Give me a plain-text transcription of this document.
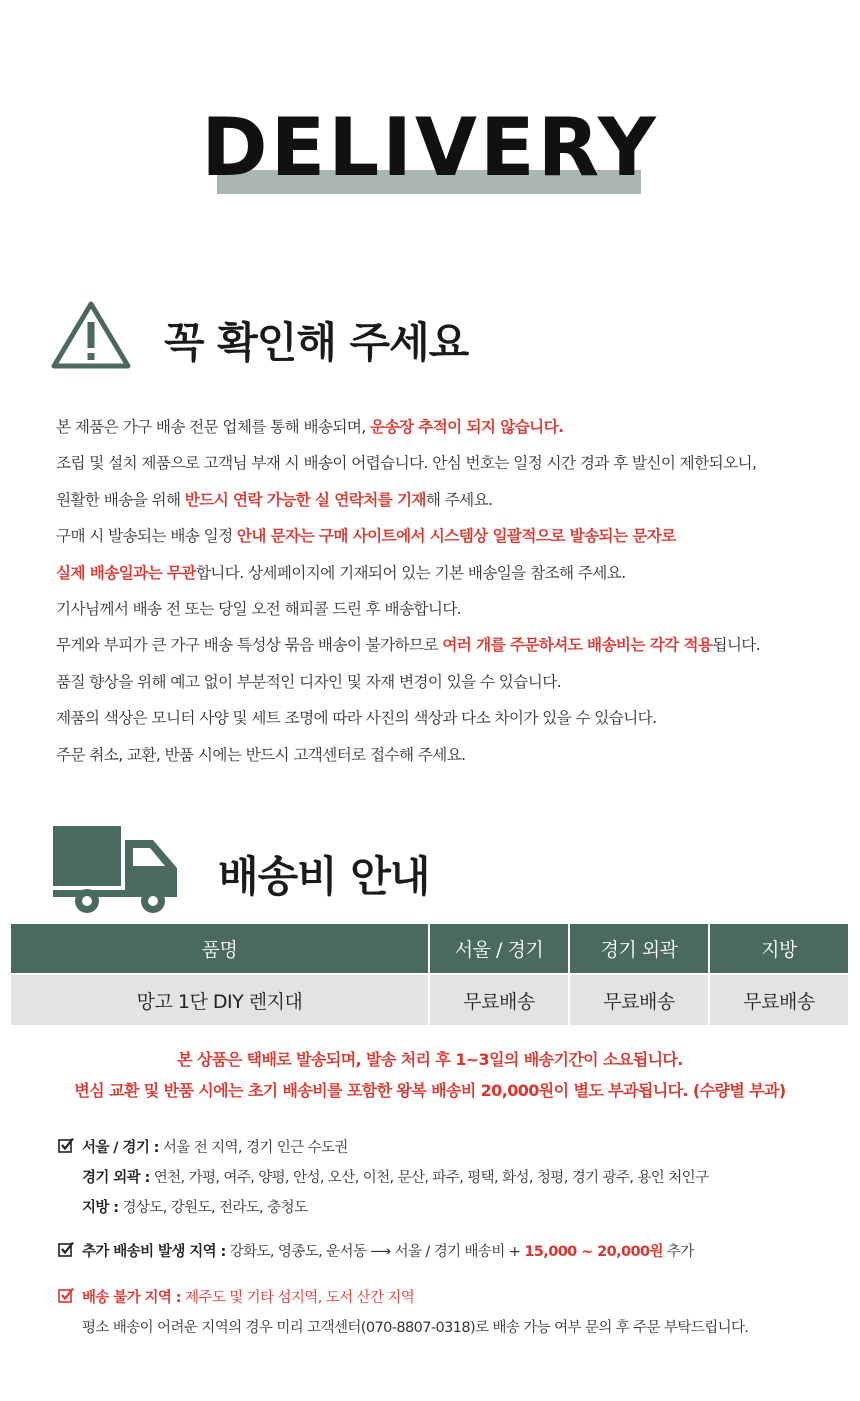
DELIVERY
꼭 확인해 주세요
본 제품은 가구 배송 전문 업체를 통해 배송되며, 운송장 추적이 되지 않습니다.
조립 및 설치 제품으로 고객님 부재 시 배송이 어렵습니다. 안심 번호는 일정 시간 경과 후 발신이 제한되오니,
원활한 배송을 위해 반드시 연락 가능한 실 연락처를 기재해 주세요.
구매 시 발송되는 배송 일정 안내 문자는 구매 사이트에서 시스템상 일괄적으로 발송되는 문자로
실제 배송일과는 무관합니다. 상세페이지에 기재되어 있는 기본 배송일을 참조해 주세요.
기사님께서 배송 전 또는 당일 오전 해피콜 드린 후 배송합니다.
무게와 부피가 큰 가구 배송 특성상 묶음 배송이 불가하므로 여러 개를 주문하셔도 배송비는 각각 적용됩니다.
품질 향상을 위해 예고 없이 부분적인 디자인 및 자재 변경이 있을 수 있습니다.
제품의 색상은 모니터 사양 및 세트 조명에 따라 사진의 색상과 다소 차이가 있을 수 있습니다.
주문 취소, 교환, 반품 시에는 반드시 고객센터로 접수해 주세요.
배송비 안내
품명	서울 / 경기	경기 외곽	지방
망고 1단 DIY 렌지대	무료배송	무료배송	무료배송
본 상품은 택배로 발송되며, 발송 처리 후 1~3일의 배송기간이 소요됩니다.
변심 교환 및 반품 시에는 초기 배송비를 포함한 왕복 배송비 20,000원이 별도 부과됩니다. (수량별 부과)
서울 / 경기 : 서울 전 지역, 경기 인근 수도권
경기 외곽 : 연천, 가평, 여주, 양평, 안성, 오산, 이천, 문산, 파주, 평택, 화성, 청평, 경기 광주, 용인 처인구
지방 : 경상도, 강원도, 전라도, 충청도
추가 배송비 발생 지역 : 강화도, 영종도, 운서동 ⟶ 서울 / 경기 배송비 + 15,000 ~ 20,000원 추가
배송 불가 지역 : 제주도 및 기타 섬지역, 도서 산간 지역
평소 배송이 어려운 지역의 경우 미리 고객센터(070-8807-0318)로 배송 가능 여부 문의 후 주문 부탁드립니다.
